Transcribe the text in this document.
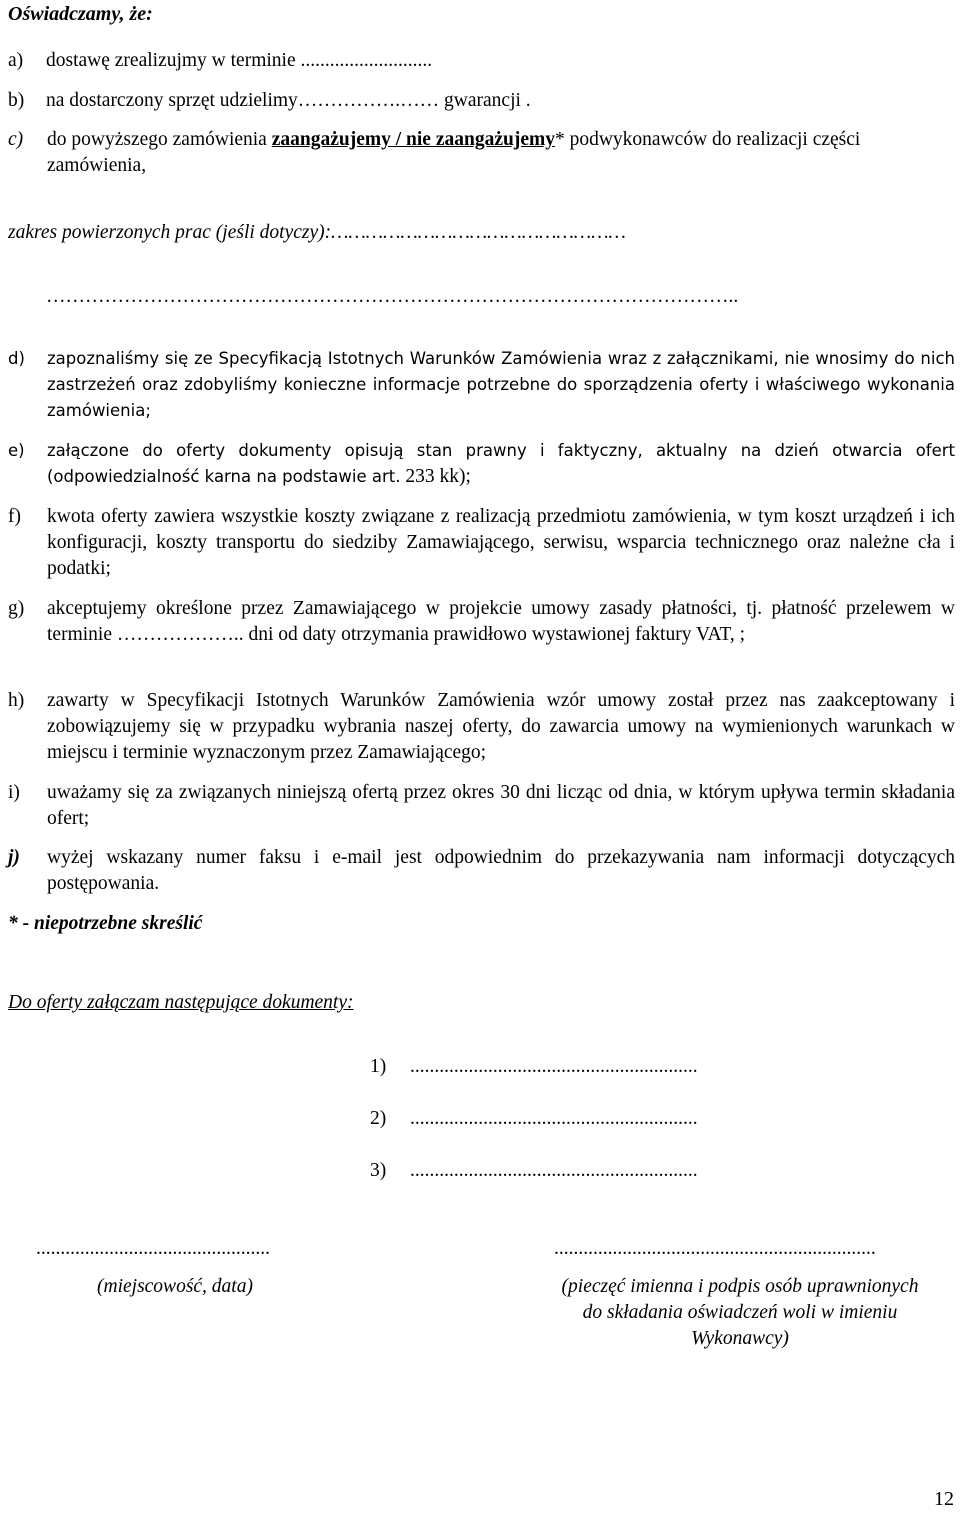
Oświadczamy, że:
a) dostawę zrealizujmy w terminie ...........................
b) na dostarczony sprzęt udzielimy…………….…… gwarancji .
c) do powyższego zamówienia zaangażujemy / nie zaangażujemy* podwykonawców do realizacji części zamówienia,
zakres powierzonych prac (jeśli dotyczy):……………………………………………
……………………………………………………………………………………………..
d) zapoznaliśmy się ze Specyfikacją Istotnych Warunków Zamówienia wraz z załącznikami, nie wnosimy do nich zastrzeżeń oraz zdobyliśmy konieczne informacje potrzebne do sporządzenia oferty i właściwego wykonania zamówienia;
e) załączone do oferty dokumenty opisują stan prawny i faktyczny, aktualny na dzień otwarcia ofert (odpowiedzialność karna na podstawie art. 233 kk);
f) kwota oferty zawiera wszystkie koszty związane z realizacją przedmiotu zamówienia, w tym koszt urządzeń i ich konfiguracji, koszty transportu do siedziby Zamawiającego, serwisu, wsparcia technicznego oraz należne cła i podatki;
g) akceptujemy określone przez Zamawiającego w projekcie umowy zasady płatności, tj. płatność przelewem w terminie ……………….. dni od daty otrzymania prawidłowo wystawionej faktury VAT, ;
h) zawarty w Specyfikacji Istotnych Warunków Zamówienia wzór umowy został przez nas zaakceptowany i zobowiązujemy się w przypadku wybrania naszej oferty, do zawarcia umowy na wymienionych warunkach w miejscu i terminie wyznaczonym przez Zamawiającego;
i) uważamy się za związanych niniejszą ofertą przez okres 30 dni licząc od dnia, w którym upływa termin składania ofert;
j) wyżej wskazany numer faksu i e-mail jest odpowiednim do przekazywania nam informacji dotyczących postępowania.
* - niepotrzebne skreślić
Do oferty załączam następujące dokumenty:
1) ...........................................................
2) ...........................................................
3) ...........................................................
................................................	..................................................................
(miejscowość, data)	(pieczęć imienna i podpis osób uprawnionych
do składania oświadczeń woli w imieniu
Wykonawcy)
12
